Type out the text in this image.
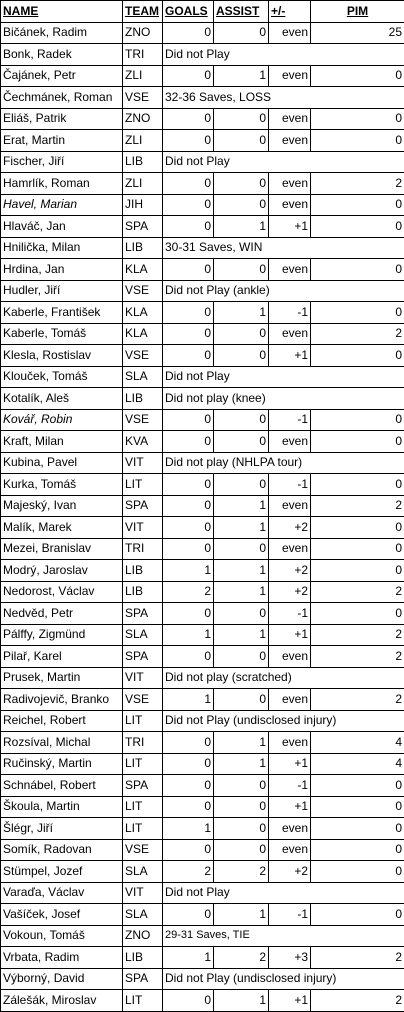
NAME	TEAM	GOALS	ASSIST	+/-	PIM
Bičánek, Radim	ZNO	0	0	even	25
Bonk, Radek	TRI	Did not Play			
Čajánek, Petr	ZLI	0	1	even	0
Čechmánek, Roman	VSE	32-36 Saves, LOSS			
Eliáš, Patrik	ZNO	0	0	even	0
Erat, Martin	ZLI	0	0	even	0
Fischer, Jiří	LIB	Did not Play			
Hamrlík, Roman	ZLI	0	0	even	2
Havel, Marian	JIH	0	0	even	0
Hlaváč, Jan	SPA	0	1	+1	0
Hnilička, Milan	LIB	30-31 Saves, WIN			
Hrdina, Jan	KLA	0	0	even	0
Hudler, Jiří	VSE	Did not Play (ankle)			
Kaberle, František	KLA	0	1	-1	0
Kaberle, Tomáš	KLA	0	0	even	2
Klesla, Rostislav	VSE	0	0	+1	0
Klouček, Tomáš	SLA	Did not Play			
Kotalík, Aleš	LIB	Did not play (knee)			
Kovář, Robin	VSE	0	0	-1	0
Kraft, Milan	KVA	0	0	even	0
Kubina, Pavel	VIT	Did not play (NHLPA tour)			
Kurka, Tomáš	LIT	0	0	-1	0
Majeský, Ivan	SPA	0	1	even	2
Malík, Marek	VIT	0	1	+2	0
Mezei, Branislav	TRI	0	0	even	0
Modrý, Jaroslav	LIB	1	1	+2	0
Nedorost, Václav	LIB	2	1	+2	2
Nedvěd, Petr	SPA	0	0	-1	0
Pálffy, Zigmünd	SLA	1	1	+1	2
Pilař, Karel	SPA	0	0	even	2
Prusek, Martin	VIT	Did not play (scratched)			
Radivojevič, Branko	VSE	1	0	even	2
Reichel, Robert	LIT	Did not Play (undisclosed injury)			
Rozsíval, Michal	TRI	0	1	even	4
Ručinský, Martin	LIT	0	1	+1	4
Schnábel, Robert	SPA	0	0	-1	0
Škoula, Martin	LIT	0	0	+1	0
Šlégr, Jiří	LIT	1	0	even	0
Somík, Radovan	VSE	0	0	even	0
Stümpel, Jozef	SLA	2	2	+2	0
Varaďa, Václav	VIT	Did not Play			
Vašíček, Josef	SLA	0	1	-1	0
Vokoun, Tomáš	ZNO	29-31 Saves, TIE			
Vrbata, Radim	LIB	1	2	+3	2
Výborný, David	SPA	Did not Play (undisclosed injury)			
Zálešák, Miroslav	LIT	0	1	+1	2
